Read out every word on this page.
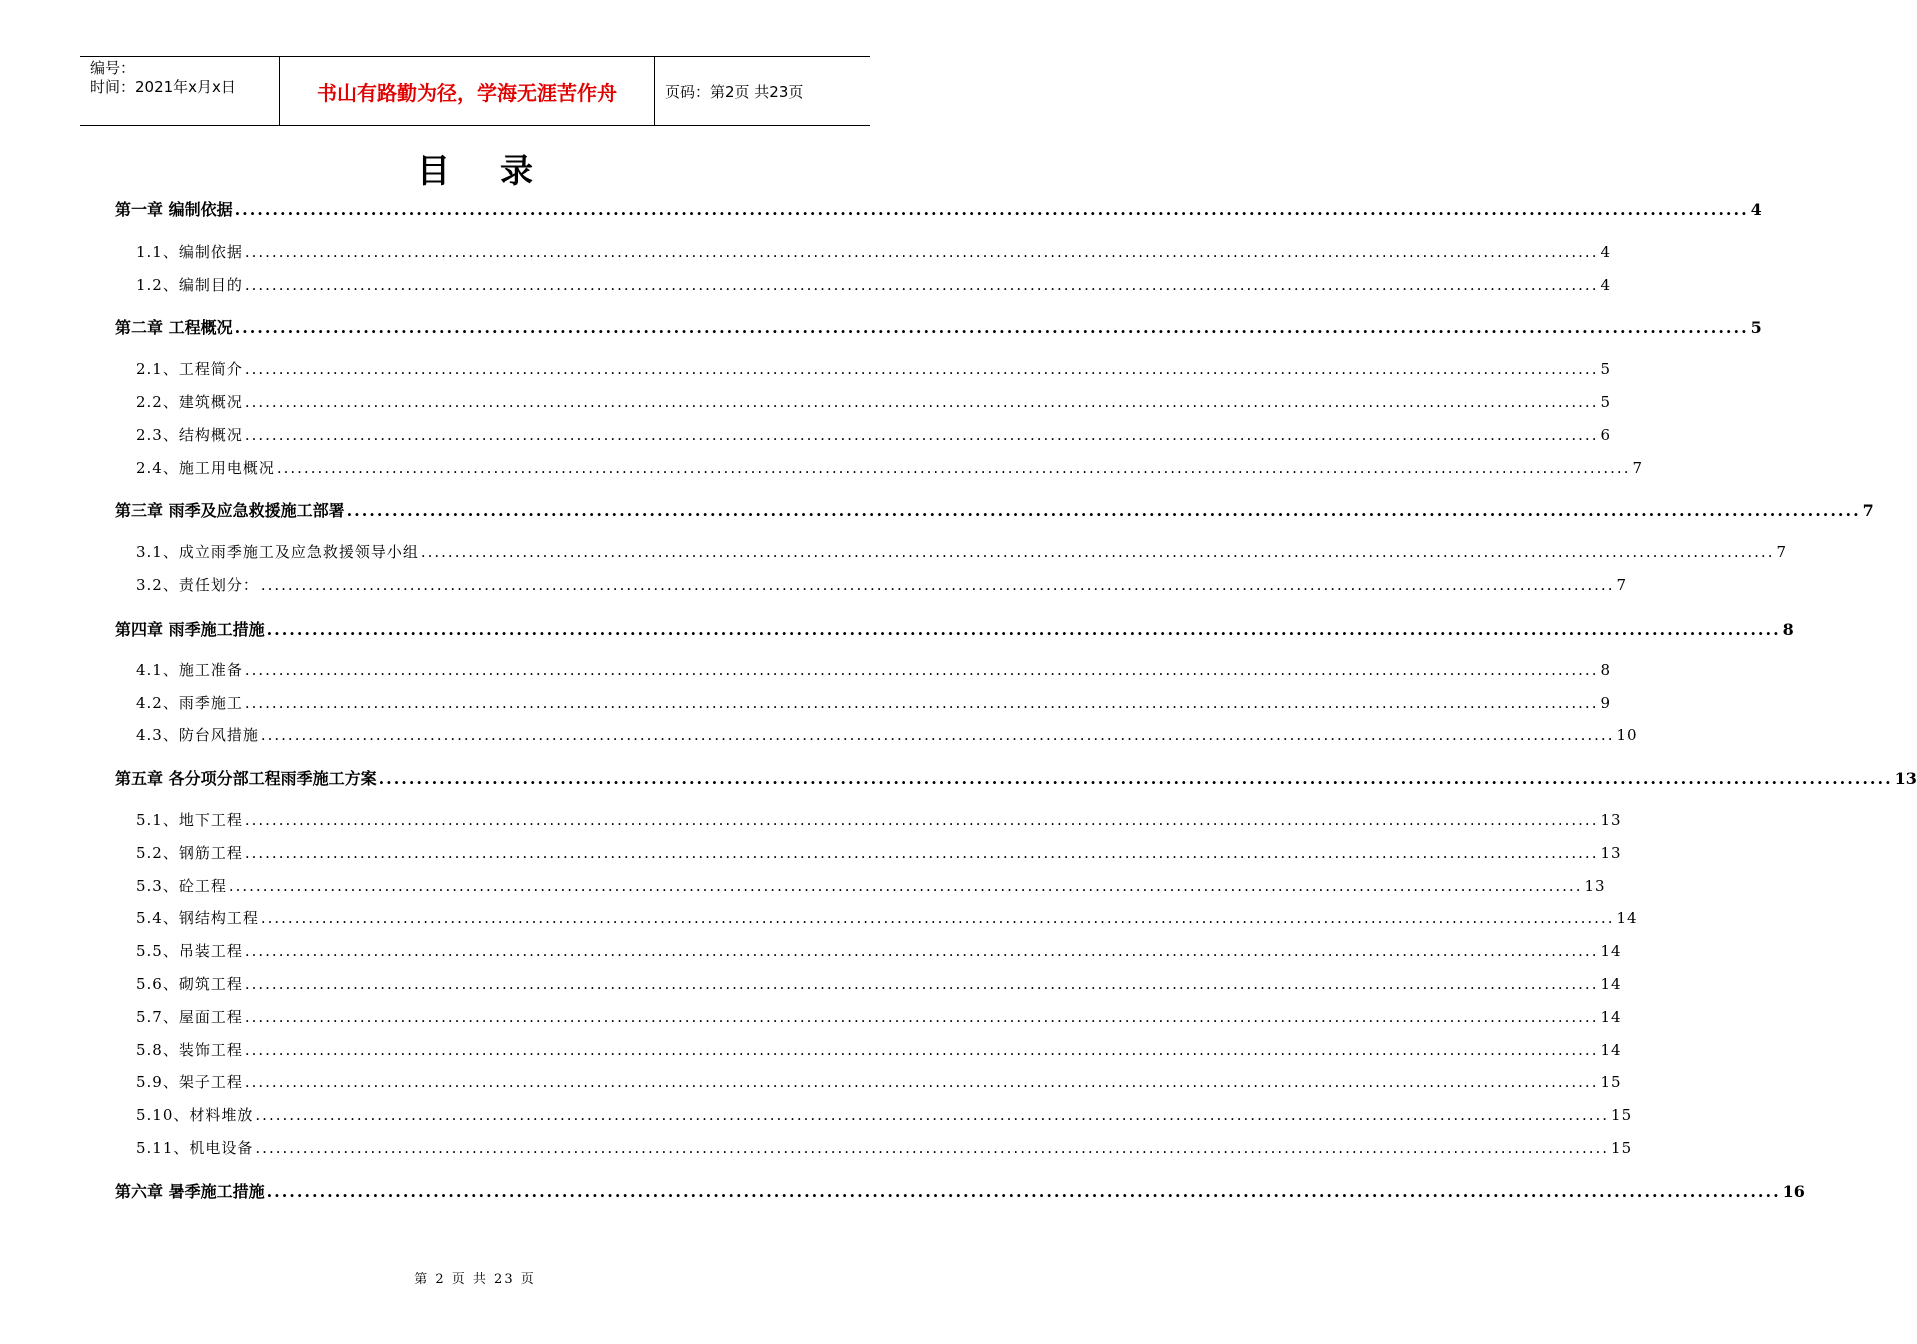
编号：
时间：2021年x月x日	书山有路勤为径，学海无涯苦作舟	页码：第2页 共23页
目录
第一章 编制依据 ........................................................................................................................................................................................................ 4
1.1、编制依据 ........................................................................................................................................................................................................ 4
1.2、编制目的 ........................................................................................................................................................................................................ 4
第二章 工程概况 ........................................................................................................................................................................................................ 5
2.1、工程简介 ........................................................................................................................................................................................................ 5
2.2、建筑概况 ........................................................................................................................................................................................................ 5
2.3、结构概况 ........................................................................................................................................................................................................ 6
2.4、施工用电概况 ........................................................................................................................................................................................................ 7
第三章 雨季及应急救援施工部署 ........................................................................................................................................................................................................ 7
3.1、成立雨季施工及应急救援领导小组 ........................................................................................................................................................................................................ 7
3.2、责任划分： ........................................................................................................................................................................................................ 7
第四章 雨季施工措施 ........................................................................................................................................................................................................ 8
4.1、施工准备 ........................................................................................................................................................................................................ 8
4.2、雨季施工 ........................................................................................................................................................................................................ 9
4.3、防台风措施 ........................................................................................................................................................................................................ 10
第五章 各分项分部工程雨季施工方案 ........................................................................................................................................................................................................ 13
5.1、地下工程 ........................................................................................................................................................................................................ 13
5.2、钢筋工程 ........................................................................................................................................................................................................ 13
5.3、砼工程 ........................................................................................................................................................................................................ 13
5.4、钢结构工程 ........................................................................................................................................................................................................ 14
5.5、吊装工程 ........................................................................................................................................................................................................ 14
5.6、砌筑工程 ........................................................................................................................................................................................................ 14
5.7、屋面工程 ........................................................................................................................................................................................................ 14
5.8、装饰工程 ........................................................................................................................................................................................................ 14
5.9、架子工程 ........................................................................................................................................................................................................ 15
5.10、材料堆放 ........................................................................................................................................................................................................ 15
5.11、机电设备 ........................................................................................................................................................................................................ 15
第六章 暑季施工措施 ........................................................................................................................................................................................................ 16
第 2 页 共 23 页
